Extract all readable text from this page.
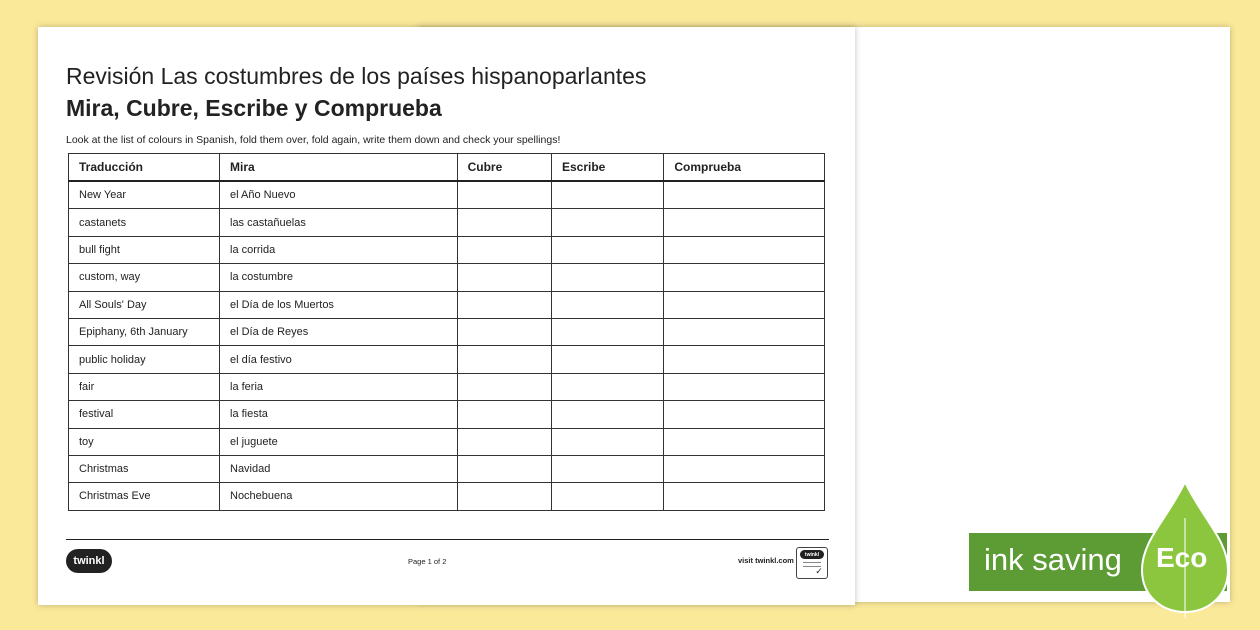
Revisión Las costumbres de los países hispanoparlantes
Mira, Cubre, Escribe y Comprueba
Look at the list of colours in Spanish, fold them over, fold again, write them down and check your spellings!
Traducción	Mira	Cubre	Escribe	Comprueba
New Year	el Año Nuevo			
castanets	las castañuelas			
bull fight	la corrida			
custom, way	la costumbre			
All Souls' Day	el Día de los Muertos			
Epiphany, 6th January	el Día de Reyes			
public holiday	el día festivo			
fair	la feria			
festival	la fiesta			
toy	el juguete			
Christmas	Navidad			
Christmas Eve	Nochebuena			
twinkl	Page 1 of 2	visit twinkl.com
twinkl
✓	ink saving Eco
